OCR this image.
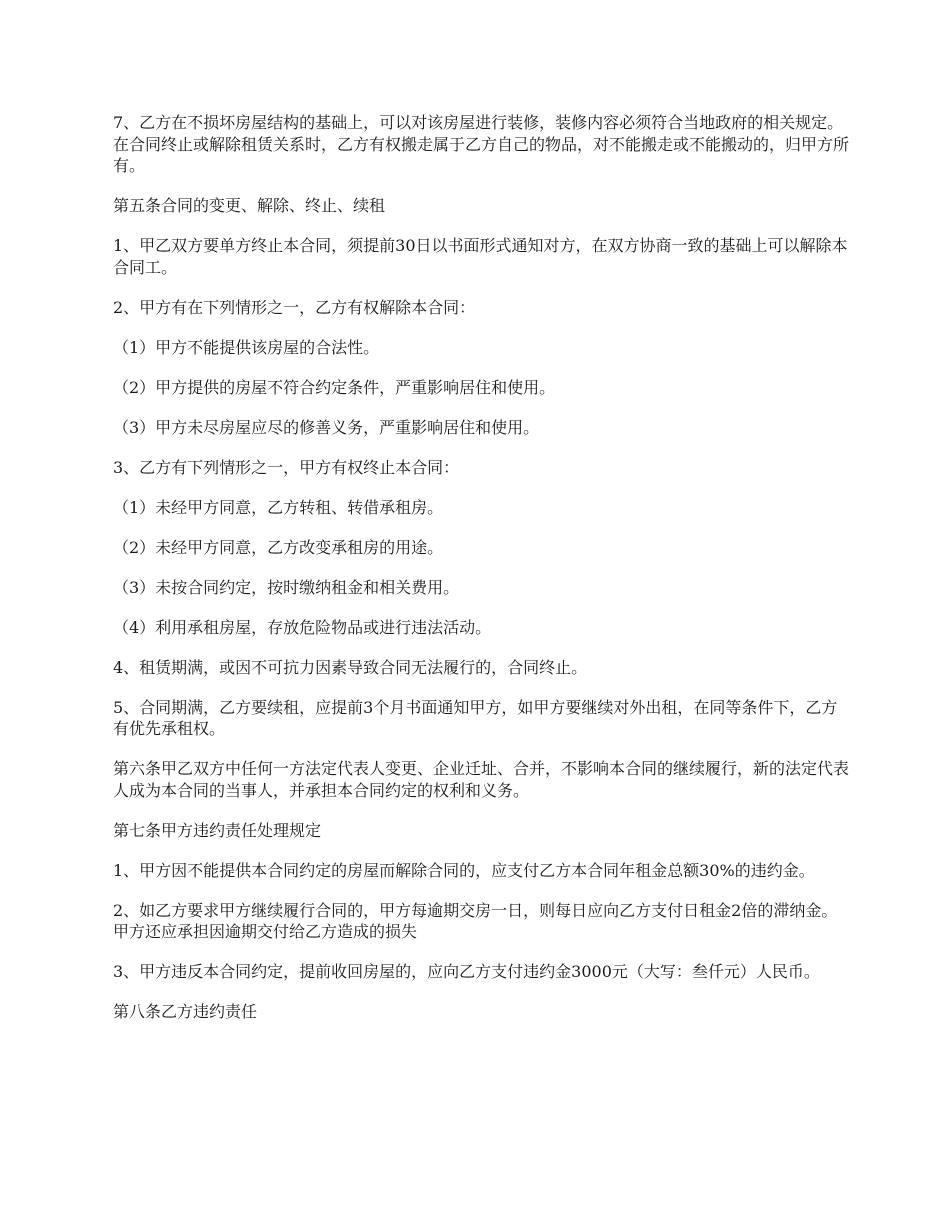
7、乙方在不损坏房屋结构的基础上，可以对该房屋进行装修，装修内容必须符合当地政府的相关规定。在合同终止或解除租赁关系时，乙方有权搬走属于乙方自己的物品，对不能搬走或不能搬动的，归甲方所有。

第五条合同的变更、解除、终止、续租

1、甲乙双方要单方终止本合同，须提前30日以书面形式通知对方，在双方协商一致的基础上可以解除本合同工。

2、甲方有在下列情形之一，乙方有权解除本合同：

（1）甲方不能提供该房屋的合法性。

（2）甲方提供的房屋不符合约定条件，严重影响居住和使用。

（3）甲方未尽房屋应尽的修善义务，严重影响居住和使用。

3、乙方有下列情形之一，甲方有权终止本合同：

（1）未经甲方同意，乙方转租、转借承租房。

（2）未经甲方同意，乙方改变承租房的用途。

（3）未按合同约定，按时缴纳租金和相关费用。

（4）利用承租房屋，存放危险物品或进行违法活动。

4、租赁期满，或因不可抗力因素导致合同无法履行的，合同终止。

5、合同期满，乙方要续租，应提前3个月书面通知甲方，如甲方要继续对外出租，在同等条件下，乙方有优先承租权。

第六条甲乙双方中任何一方法定代表人变更、企业迁址、合并，不影响本合同的继续履行，新的法定代表人成为本合同的当事人，并承担本合同约定的权利和义务。

第七条甲方违约责任处理规定

1、甲方因不能提供本合同约定的房屋而解除合同的，应支付乙方本合同年租金总额30%的违约金。

2、如乙方要求甲方继续履行合同的，甲方每逾期交房一日，则每日应向乙方支付日租金2倍的滞纳金。甲方还应承担因逾期交付给乙方造成的损失

3、甲方违反本合同约定，提前收回房屋的，应向乙方支付违约金3000元（大写：叁仟元）人民币。

第八条乙方违约责任
